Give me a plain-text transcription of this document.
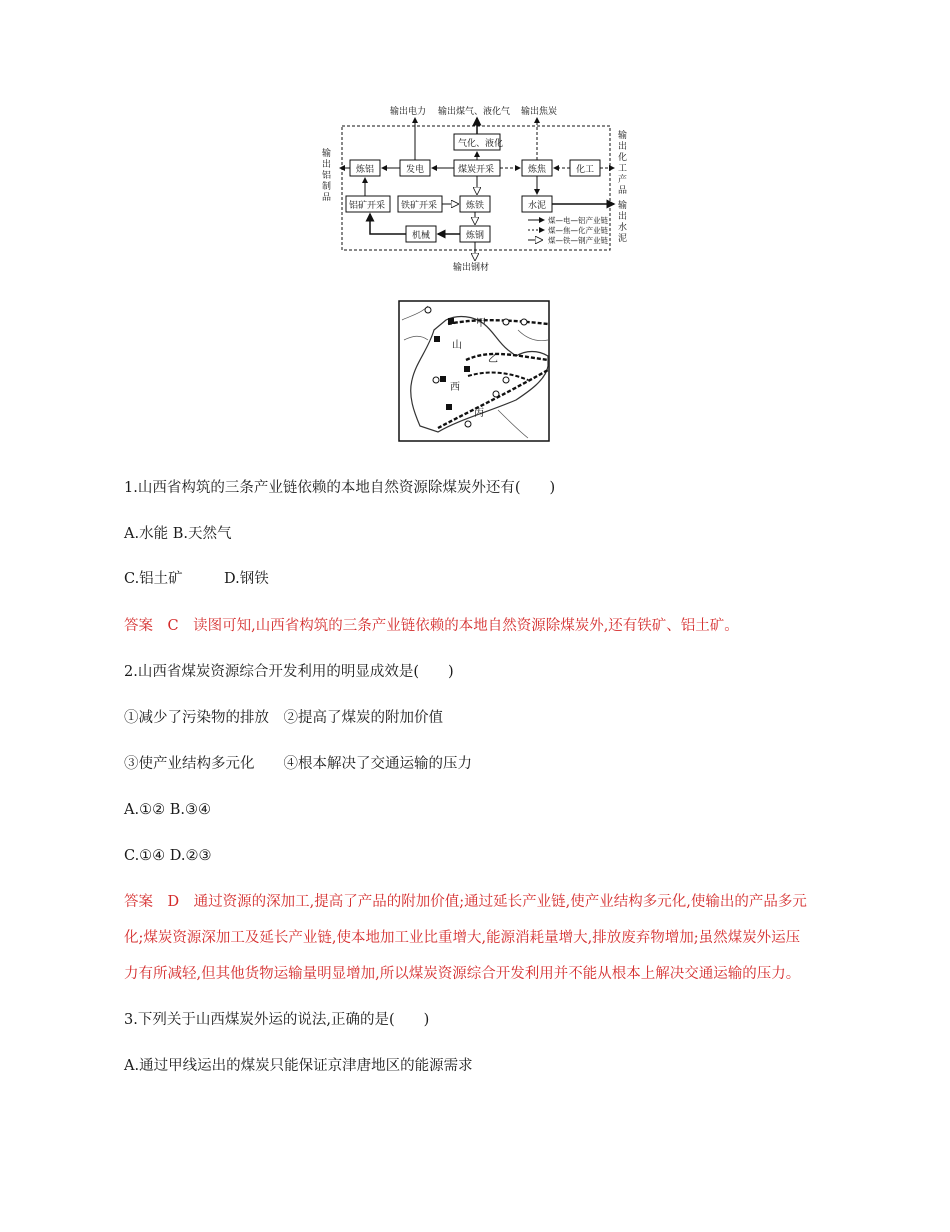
输出电力 输出煤气、液化气 输出焦炭
输
出
铝
制
品
输
出
化
工
产
品
输
出
水
泥
气化、液化
煤炭开采
发电
炼铝	炼焦	化工
铝矿开采 铁矿开采	炼铁	水泥
机械	炼钢
输出钢材
煤—电—铝产业链
煤—焦—化产业链
煤—铁—钢产业链
甲
山
乙
西
丙
1.山西省构筑的三条产业链依赖的本地自然资源除煤炭外还有(　　)
A.水能 B.天然气
C.铝土矿	D.钢铁
答案　C　读图可知,山西省构筑的三条产业链依赖的本地自然资源除煤炭外,还有铁矿、铝土矿。
2.山西省煤炭资源综合开发利用的明显成效是(　　)
①减少了污染物的排放　②提高了煤炭的附加价值
③使产业结构多元化　　④根本解决了交通运输的压力
A.①② B.③④
C.①④ D.②③
答案　D　通过资源的深加工,提高了产品的附加价值;通过延长产业链,使产业结构多元化,使输出的产品多元
化;煤炭资源深加工及延长产业链,使本地加工业比重增大,能源消耗量增大,排放废弃物增加;虽然煤炭外运压
力有所减轻,但其他货物运输量明显增加,所以煤炭资源综合开发利用并不能从根本上解决交通运输的压力。
3.下列关于山西煤炭外运的说法,正确的是(　　)
A.通过甲线运出的煤炭只能保证京津唐地区的能源需求
